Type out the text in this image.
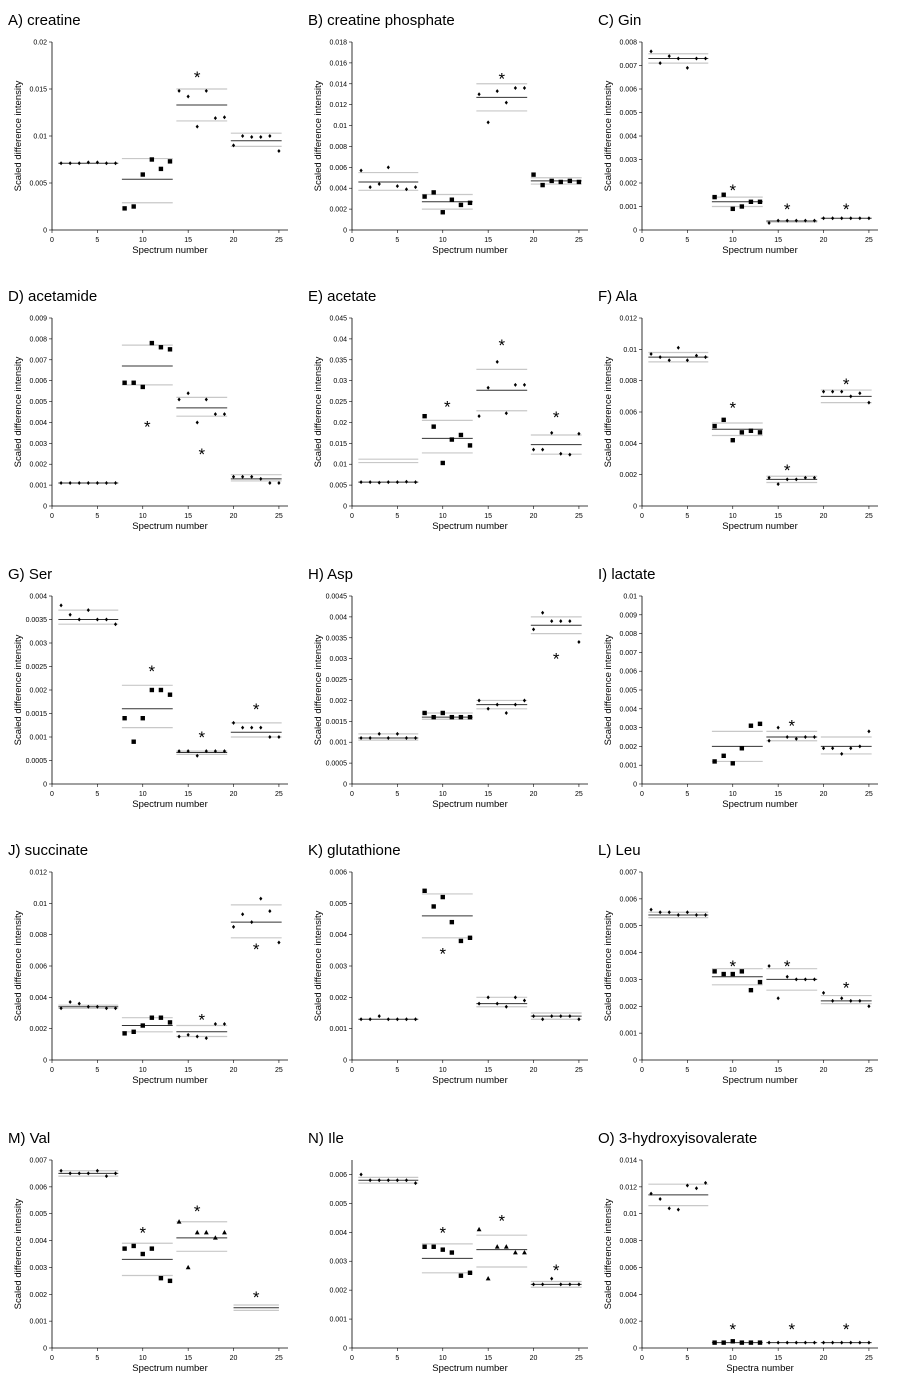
A) creatine
0
0.005
0.01
0.015
0.02
0	5	10	15	20	25
Spectrum number
Scaled difference intensity
*
B) creatine phosphate
0
0.002
0.004
0.006
0.008
0.01
0.012
0.014
0.016
0.018
0	5	10	15	20	25
Spectrum number
Scaled difference intensity
*
C) Gin
0
0.001
0.002
0.003
0.004
0.005
0.006
0.007
0.008
0	5	10	15	20	25
Spectrum number
Scaled difference intensity	*
*	*
D) acetamide
0
0.001
0.002
0.003
0.004
0.005
0.006
0.007
0.008
0.009
0	5	10	15	20	25
Spectrum number
Scaled difference intensity	*
*
E) acetate
0
0.005
0.01
0.015
0.02
0.025
0.03
0.035
0.04
0.045
0	5	10	15	20	25
Spectrum number
Scaled difference intensity	*
*
*
F) Ala
0
0.002
0.004
0.006
0.008
0.01
0.012
0	5	10	15	20	25
Spectrum number
Scaled difference intensity	*
*
*
G) Ser
0
0.0005
0.001
0.0015
0.002
0.0025
0.003
0.0035
0.004
0	5	10	15	20	25
Spectrum number
Scaled difference intensity	*
*
*
H) Asp
0
0.0005
0.001
0.0015
0.002
0.0025
0.003
0.0035
0.004
0.0045
0	5	10	15	20	25
Spectrum number
Scaled difference intensity	*
I) lactate
0
0.001
0.002
0.003
0.004
0.005
0.006
0.007
0.008
0.009
0.01
0	5	10	15	20	25
Spectrum number
Scaled difference intensity	*
J) succinate
0
0.002
0.004
0.006
0.008
0.01
0.012
0	5	10	15	20	25
Spectrum number
Scaled difference intensity	*
*
K) glutathione
0
0.001
0.002
0.003
0.004
0.005
0.006
0	5	10	15	20	25
Spectrum number
Scaled difference intensity	*
L) Leu
0
0.001
0.002
0.003
0.004
0.005
0.006
0.007
0	5	10	15	20	25
Spectrum number
Scaled difference intensity	*	*
*
M) Val
0
0.001
0.002
0.003
0.004
0.005
0.006
0.007
0	5	10	15	20	25
Spectrum number
Scaled difference intensity	*
*
*
N) Ile
0
0.001
0.002
0.003
0.004
0.005
0.006
0	5	10	15	20	25
Spectrum number
*
*
*
O) 3-hydroxyisovalerate
0
0.002
0.004
0.006
0.008
0.01
0.012
0.014
0	5	10	15	20	25
Spectra number
Scaled difference intensity
*	*	*
